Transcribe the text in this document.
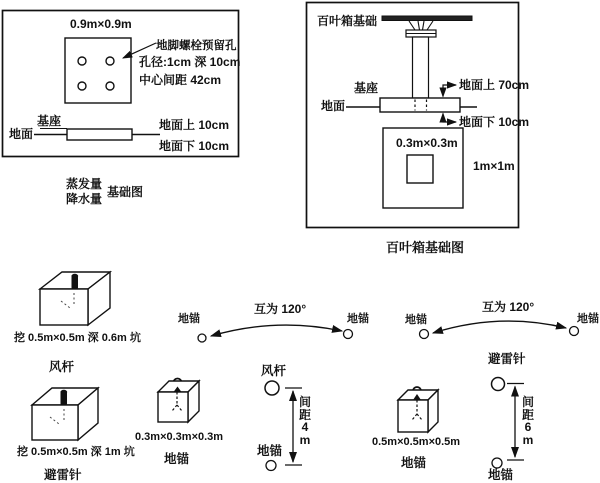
0.9m×0.9m
地脚螺栓预留孔
孔径:1cm 深 10cm
中心间距 42cm
基座
地面
地面上 10cm
地面下 10cm
蒸发量
降水量 基础图
百叶箱基础
基座
地面
地面上 70cm
地面下 10cm
0.3m×0.3m
1m×1m
百叶箱基础图
挖 0.5m×0.5m 深 0.6m 坑
风杆
挖 0.5m×0.5m 深 1m 坑
避雷针
0.3m×0.3m×0.3m
地锚
0.5m×0.5m×0.5m
地锚
互为 120°
地锚	地锚
风杆
间
距
4
m
地锚
互为 120°
地锚	地锚
避雷针
间
距
6
m
地锚
